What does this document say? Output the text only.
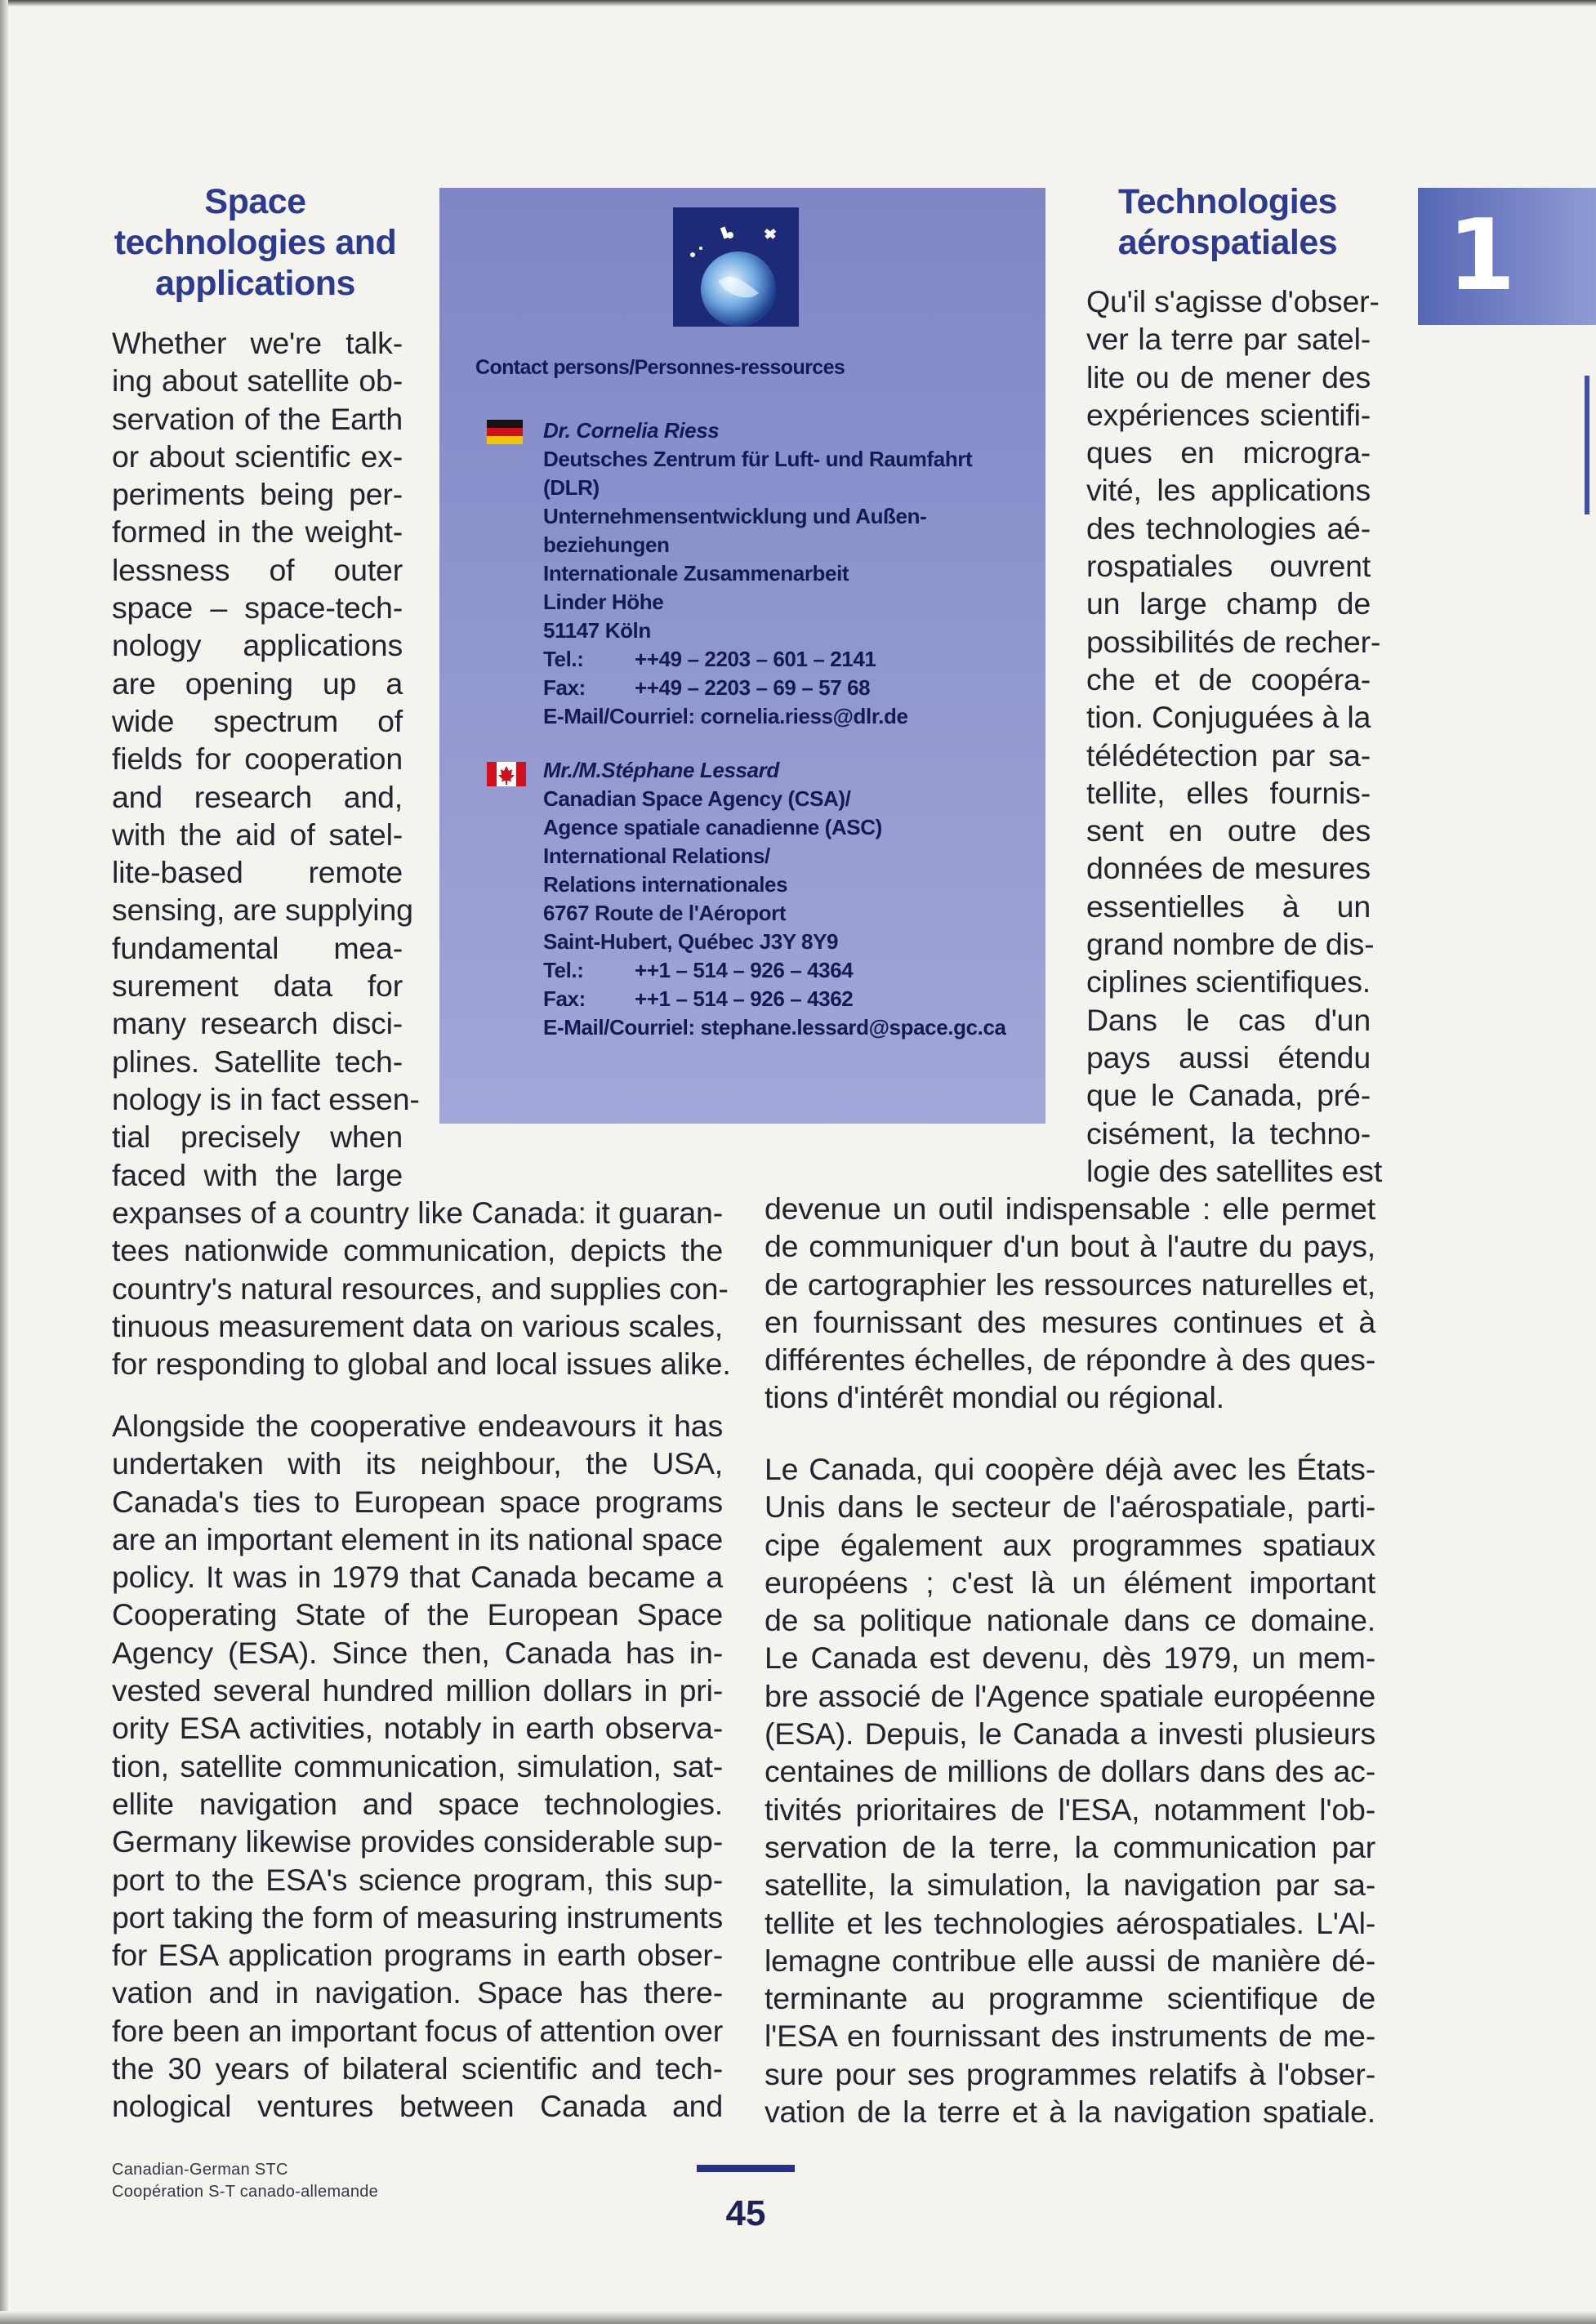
Space
technologies and
applications
Technologies
aérospatiales
Contact persons/Personnes-ressources
Dr. Cornelia Riess
Deutsches Zentrum für Luft- und Raumfahrt
(DLR)
Unternehmensentwicklung und Außen-
beziehungen
Internationale Zusammenarbeit
Linder Höhe
51147 Köln
Tel.: ++49 – 2203 – 601 – 2141
Fax: ++49 – 2203 – 69 – 57 68
E-Mail/Courriel: cornelia.riess@dlr.de
Mr./M.Stéphane Lessard
Canadian Space Agency (CSA)/
Agence spatiale canadienne (ASC)
International Relations/
Relations internationales
6767 Route de l'Aéroport
Saint-Hubert, Québec J3Y 8Y9
Tel.: ++1 – 514 – 926 – 4364
Fax: ++1 – 514 – 926 – 4362
E-Mail/Courriel: stephane.lessard@space.gc.ca
1

Whether we're talk-
ing about satellite ob-
servation of the Earth
or about scientific ex-
periments being per-
formed in the weight-
lessness of outer
space – space-tech-
nology applications
are opening up a
wide spectrum of
fields for cooperation
and research and,
with the aid of satel-
lite-based remote
sensing, are supplying
fundamental mea-
surement data for
many research disci-
plines. Satellite tech-
nology is in fact essen-
tial precisely when
faced with the large

expanses of a country like Canada: it guaran-
tees nationwide communication, depicts the
country's natural resources, and supplies con-
tinuous measurement data on various scales,
for responding to global and local issues alike.

Alongside the cooperative endeavours it has
undertaken with its neighbour, the USA,
Canada's ties to European space programs
are an important element in its national space
policy. It was in 1979 that Canada became a
Cooperating State of the European Space
Agency (ESA). Since then, Canada has in-
vested several hundred million dollars in pri-
ority ESA activities, notably in earth observa-
tion, satellite communication, simulation, sat-
ellite navigation and space technologies.
Germany likewise provides considerable sup-
port to the ESA's science program, this sup-
port taking the form of measuring instruments
for ESA application programs in earth obser-
vation and in navigation. Space has there-
fore been an important focus of attention over
the 30 years of bilateral scientific and tech-
nological ventures between Canada and

Qu'il s'agisse d'obser-
ver la terre par satel-
lite ou de mener des
expériences scientifi-
ques en microgra-
vité, les applications
des technologies aé-
rospatiales ouvrent
un large champ de
possibilités de recher-
che et de coopéra-
tion. Conjuguées à la
télédétection par sa-
tellite, elles fournis-
sent en outre des
données de mesures
essentielles à un
grand nombre de dis-
ciplines scientifiques.
Dans le cas d'un
pays aussi étendu
que le Canada, pré-
cisément, la techno-
logie des satellites est

devenue un outil indispensable : elle permet
de communiquer d'un bout à l'autre du pays,
de cartographier les ressources naturelles et,
en fournissant des mesures continues et à
différentes échelles, de répondre à des ques-
tions d'intérêt mondial ou régional.

Le Canada, qui coopère déjà avec les États-
Unis dans le secteur de l'aérospatiale, parti-
cipe également aux programmes spatiaux
européens ; c'est là un élément important
de sa politique nationale dans ce domaine.
Le Canada est devenu, dès 1979, un mem-
bre associé de l'Agence spatiale européenne
(ESA). Depuis, le Canada a investi plusieurs
centaines de millions de dollars dans des ac-
tivités prioritaires de l'ESA, notamment l'ob-
servation de la terre, la communication par
satellite, la simulation, la navigation par sa-
tellite et les technologies aérospatiales. L'Al-
lemagne contribue elle aussi de manière dé-
terminante au programme scientifique de
l'ESA en fournissant des instruments de me-
sure pour ses programmes relatifs à l'obser-
vation de la terre et à la navigation spatiale.

Canadian-German STC
Coopération S-T canado-allemande
45
